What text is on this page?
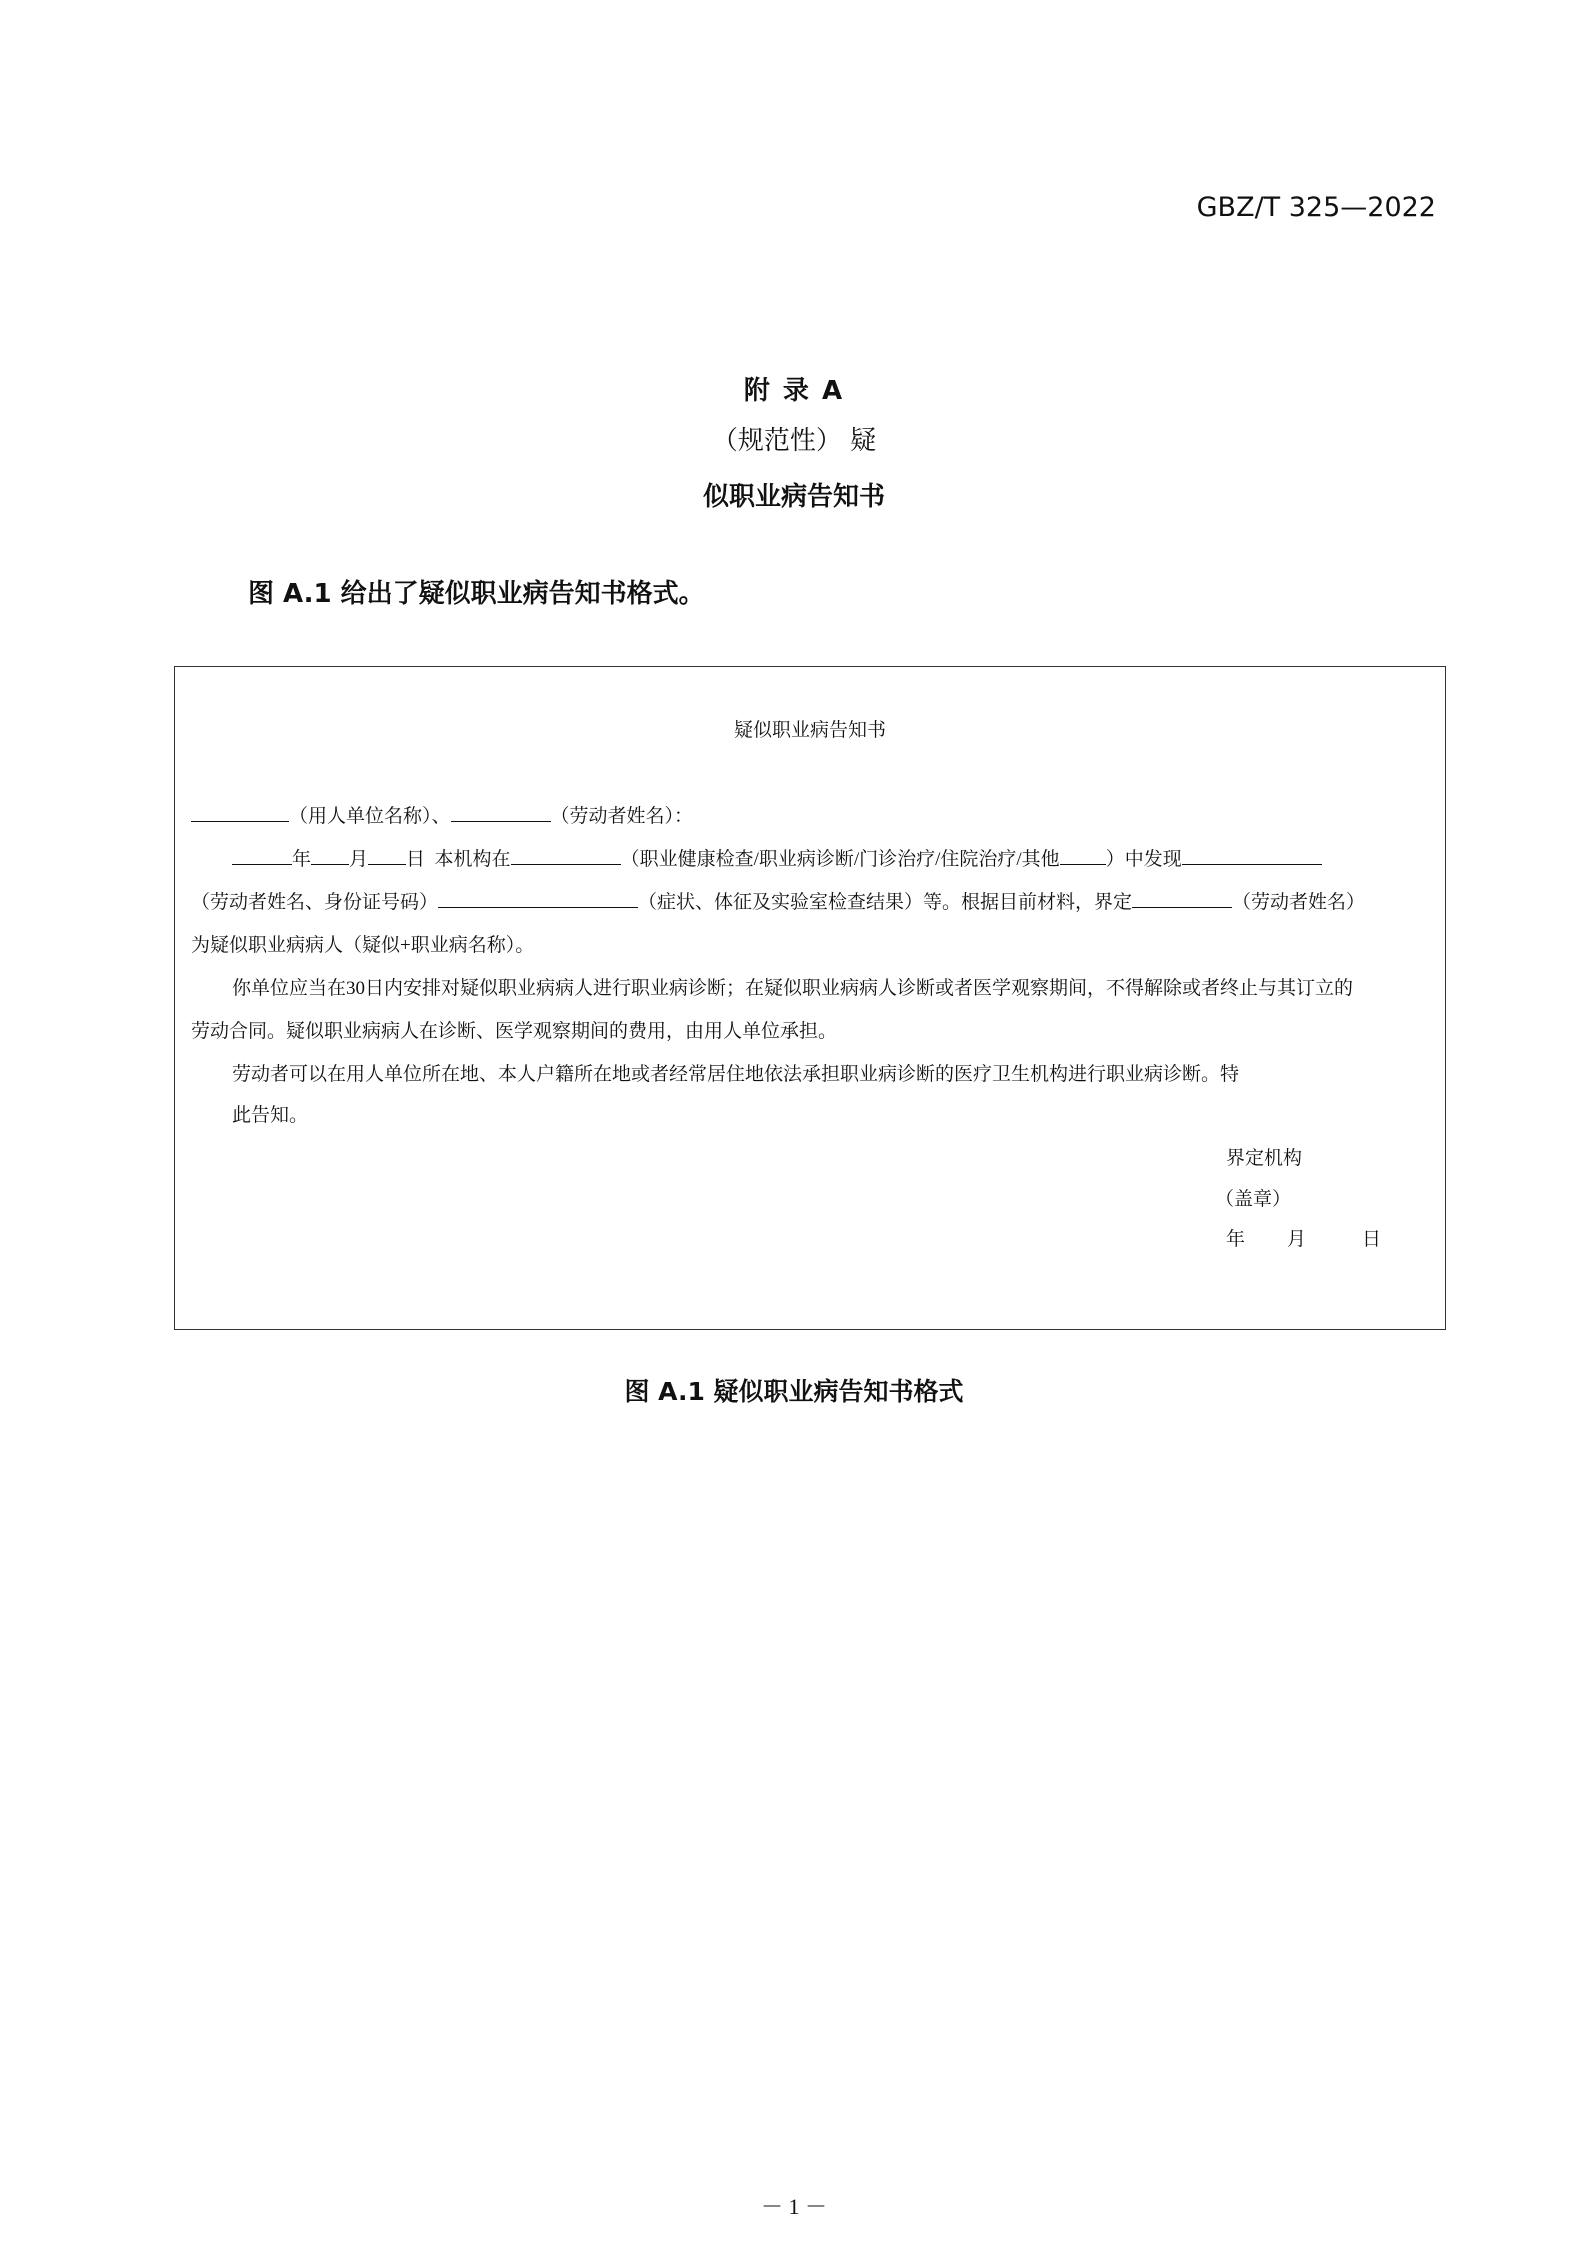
GBZ/T 325—2022
附 录 A
（规范性） 疑
似职业病告知书
图 A.1 给出了疑似职业病告知书格式。
疑似职业病告知书
（用人单位名称）、	（劳动者姓名）：
年 月 日 本机构在	（职业健康检查/职业病诊断/门诊治疗/住院治疗/其他 ）中发现
（劳动者姓名、身份证号码）	（症状、体征及实验室检查结果）等。根据目前材料，界定	（劳动者姓名）
为疑似职业病病人（疑似+职业病名称）。
你单位应当在30日内安排对疑似职业病病人进行职业病诊断；在疑似职业病病人诊断或者医学观察期间，不得解除或者终止与其订立的
劳动合同。疑似职业病病人在诊断、医学观察期间的费用，由用人单位承担。
劳动者可以在用人单位所在地、本人户籍所在地或者经常居住地依法承担职业病诊断的医疗卫生机构进行职业病诊断。特
此告知。
界定机构
（盖章）
年 月	日
图 A.1 疑似职业病告知书格式
－ 1 －
